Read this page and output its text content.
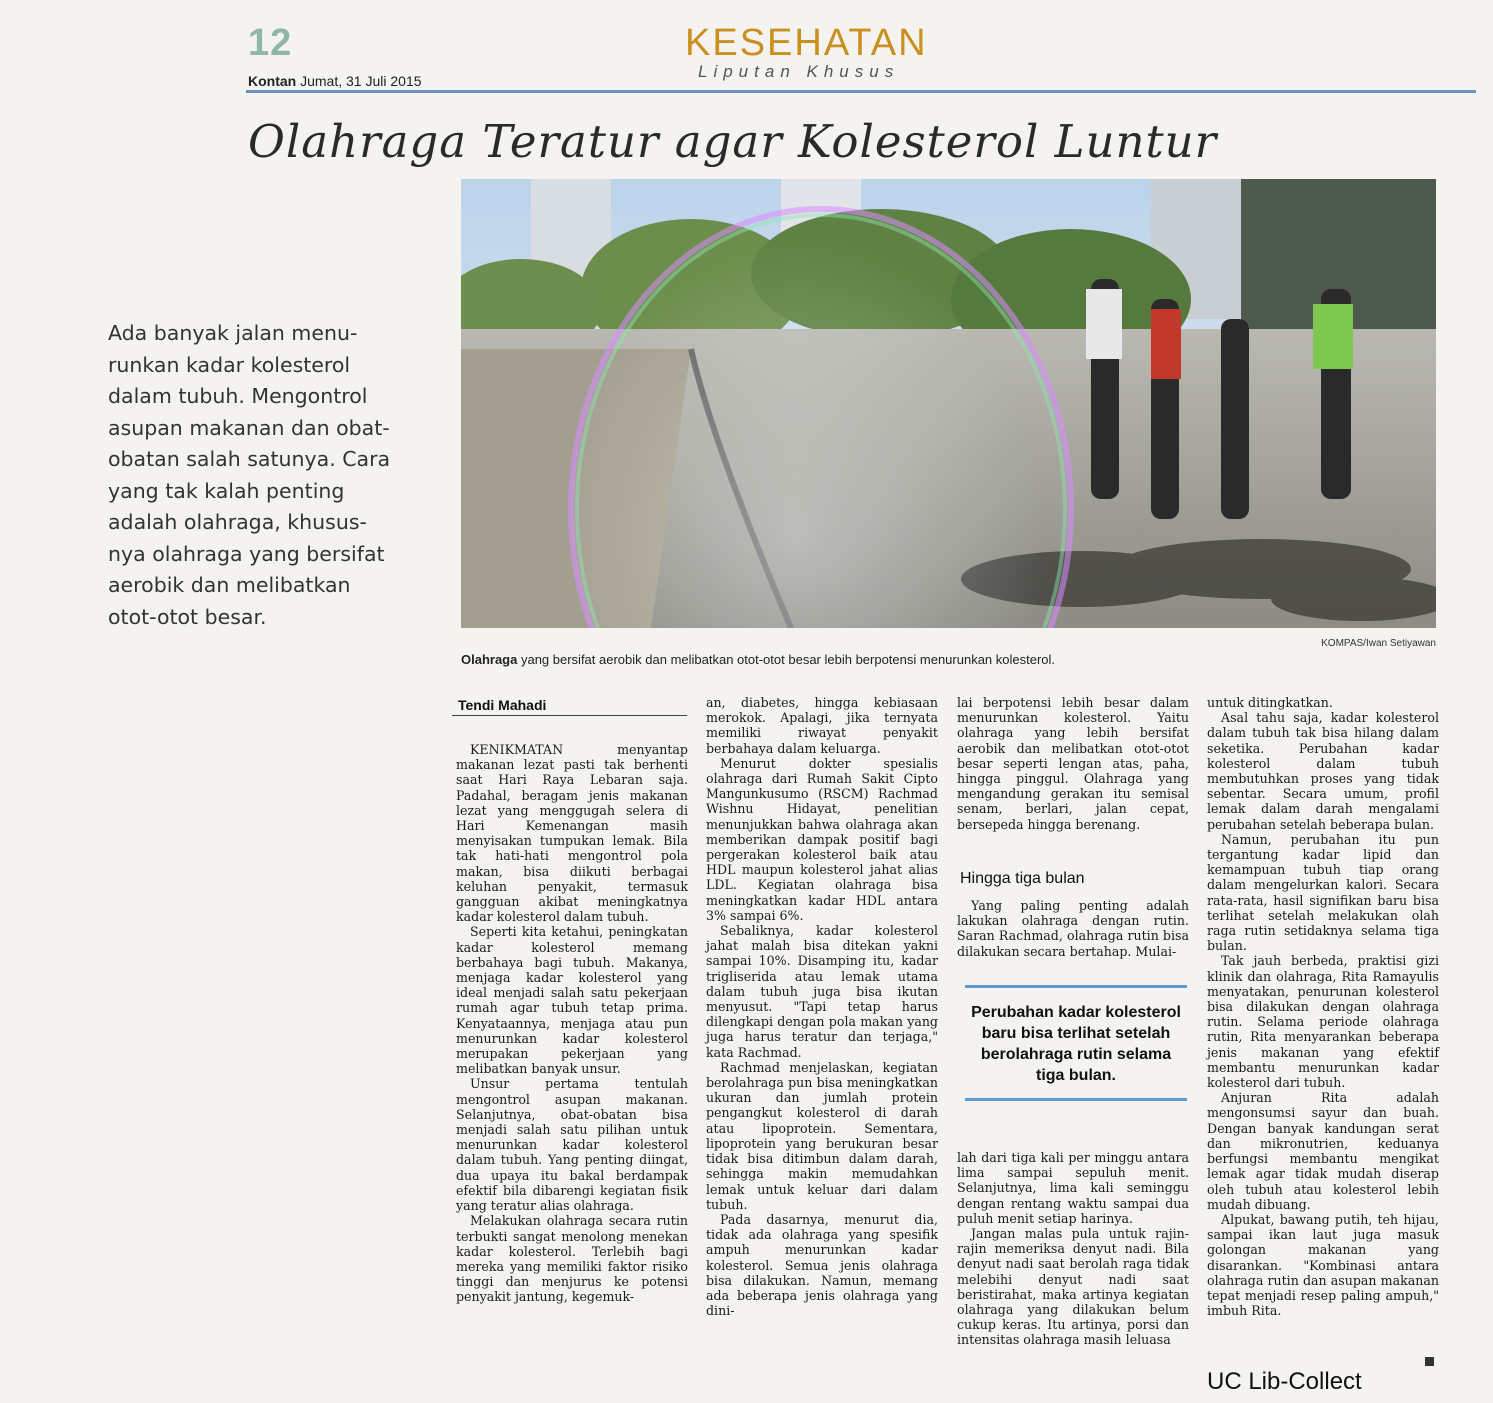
12
Kontan Jumat, 31 Juli 2015
KESEHATAN
Liputan Khusus
Olahraga Teratur agar Kolesterol Luntur

Ada banyak jalan menu-

runkan kadar kolesterol

dalam tubuh. Mengontrol

asupan makanan dan obat-

obatan salah satunya. Cara

yang tak kalah penting

adalah olahraga, khusus-

nya olahraga yang bersifat

aerobik dan melibatkan

otot-otot besar.

KOMPAS/Iwan Setiyawan
Olahraga yang bersifat aerobik dan melibatkan otot-otot besar lebih berpotensi menurunkan kolesterol.
Tendi Mahadi

KENIKMATAN menyantap makanan lezat pasti tak berhenti saat Hari Raya Lebaran saja. Padahal, beragam jenis makanan lezat yang menggugah selera di Hari Kemenangan masih menyisakan tumpukan lemak. Bila tak hati-hati mengontrol pola makan, bisa diikuti berbagai keluhan penyakit, termasuk gangguan akibat meningkatnya kadar kolesterol dalam tubuh.

Seperti kita ketahui, peningkatan kadar kolesterol memang berbahaya bagi tubuh. Makanya, menjaga kadar kolesterol yang ideal menjadi salah satu pekerjaan rumah agar tubuh tetap prima. Kenyataannya, menjaga atau pun menurunkan kadar kolesterol merupakan pekerjaan yang melibatkan banyak unsur.

Unsur pertama tentulah mengontrol asupan makanan. Selanjutnya, obat-obatan bisa menjadi salah satu pilihan untuk menurunkan kadar kolesterol dalam tubuh. Yang penting diingat, dua upaya itu bakal berdampak efektif bila dibarengi kegiatan fisik yang teratur alias olahraga.

Melakukan olahraga secara rutin terbukti sangat menolong menekan kadar kolesterol. Terlebih bagi mereka yang memiliki faktor risiko tinggi dan menjurus ke potensi penyakit jantung, kegemuk-

an, diabetes, hingga kebiasaan merokok. Apalagi, jika ternyata memiliki riwayat penyakit berbahaya dalam keluarga.

Menurut dokter spesialis olahraga dari Rumah Sakit Cipto Mangunkusumo (RSCM) Rachmad Wishnu Hidayat, penelitian menunjukkan bahwa olahraga akan memberikan dampak positif bagi pergerakan kolesterol baik atau HDL maupun kolesterol jahat alias LDL. Kegiatan olahraga bisa meningkatkan kadar HDL antara 3% sampai 6%.

Sebaliknya, kadar kolesterol jahat malah bisa ditekan yakni sampai 10%. Disamping itu, kadar trigliserida atau lemak utama dalam tubuh juga bisa ikutan menyusut. "Tapi tetap harus dilengkapi dengan pola makan yang juga harus teratur dan terjaga," kata Rachmad.

Rachmad menjelaskan, kegiatan berolahraga pun bisa meningkatkan ukuran dan jumlah protein pengangkut kolesterol di darah atau lipoprotein. Sementara, lipoprotein yang berukuran besar tidak bisa ditimbun dalam darah, sehingga makin memudahkan lemak untuk keluar dari dalam tubuh.

Pada dasarnya, menurut dia, tidak ada olahraga yang spesifik ampuh menurunkan kadar kolesterol. Semua jenis olahraga bisa dilakukan. Namun, memang ada beberapa jenis olahraga yang dini-

lai berpotensi lebih besar dalam menurunkan kolesterol. Yaitu olahraga yang lebih bersifat aerobik dan melibatkan otot-otot besar seperti lengan atas, paha, hingga pinggul. Olahraga yang mengandung gerakan itu semisal senam, berlari, jalan cepat, bersepeda hingga berenang.

Hingga tiga bulan

Yang paling penting adalah lakukan olahraga dengan rutin. Saran Rachmad, olahraga rutin bisa dilakukan secara bertahap. Mulai-

Perubahan kadar kolesterol baru bisa terlihat setelah berolahraga rutin selama tiga bulan.

lah dari tiga kali per minggu antara lima sampai sepuluh menit. Selanjutnya, lima kali seminggu dengan rentang waktu sampai dua puluh menit setiap harinya.

Jangan malas pula untuk rajin-rajin memeriksa denyut nadi. Bila denyut nadi saat berolah raga tidak melebihi denyut nadi saat beristirahat, maka artinya kegiatan olahraga yang dilakukan belum cukup keras. Itu artinya, porsi dan intensitas olahraga masih leluasa

untuk ditingkatkan.

Asal tahu saja, kadar kolesterol dalam tubuh tak bisa hilang dalam seketika. Perubahan kadar kolesterol dalam tubuh membutuhkan proses yang tidak sebentar. Secara umum, profil lemak dalam darah mengalami perubahan setelah beberapa bulan.

Namun, perubahan itu pun tergantung kadar lipid dan kemampuan tubuh tiap orang dalam mengelurkan kalori. Secara rata-rata, hasil signifikan baru bisa terlihat setelah melakukan olah raga rutin setidaknya selama tiga bulan.

Tak jauh berbeda, praktisi gizi klinik dan olahraga, Rita Ramayulis menyatakan, penurunan kolesterol bisa dilakukan dengan olahraga rutin. Selama periode olahraga rutin, Rita menyarankan beberapa jenis makanan yang efektif membantu menurunkan kadar kolesterol dari tubuh.

Anjuran Rita adalah mengonsumsi sayur dan buah. Dengan banyak kandungan serat dan mikronutrien, keduanya berfungsi membantu mengikat lemak agar tidak mudah diserap oleh tubuh atau kolesterol lebih mudah dibuang.

Alpukat, bawang putih, teh hijau, sampai ikan laut juga masuk golongan makanan yang disarankan. "Kombinasi antara olahraga rutin dan asupan makanan tepat menjadi resep paling ampuh," imbuh Rita.

UC Lib-Collect
